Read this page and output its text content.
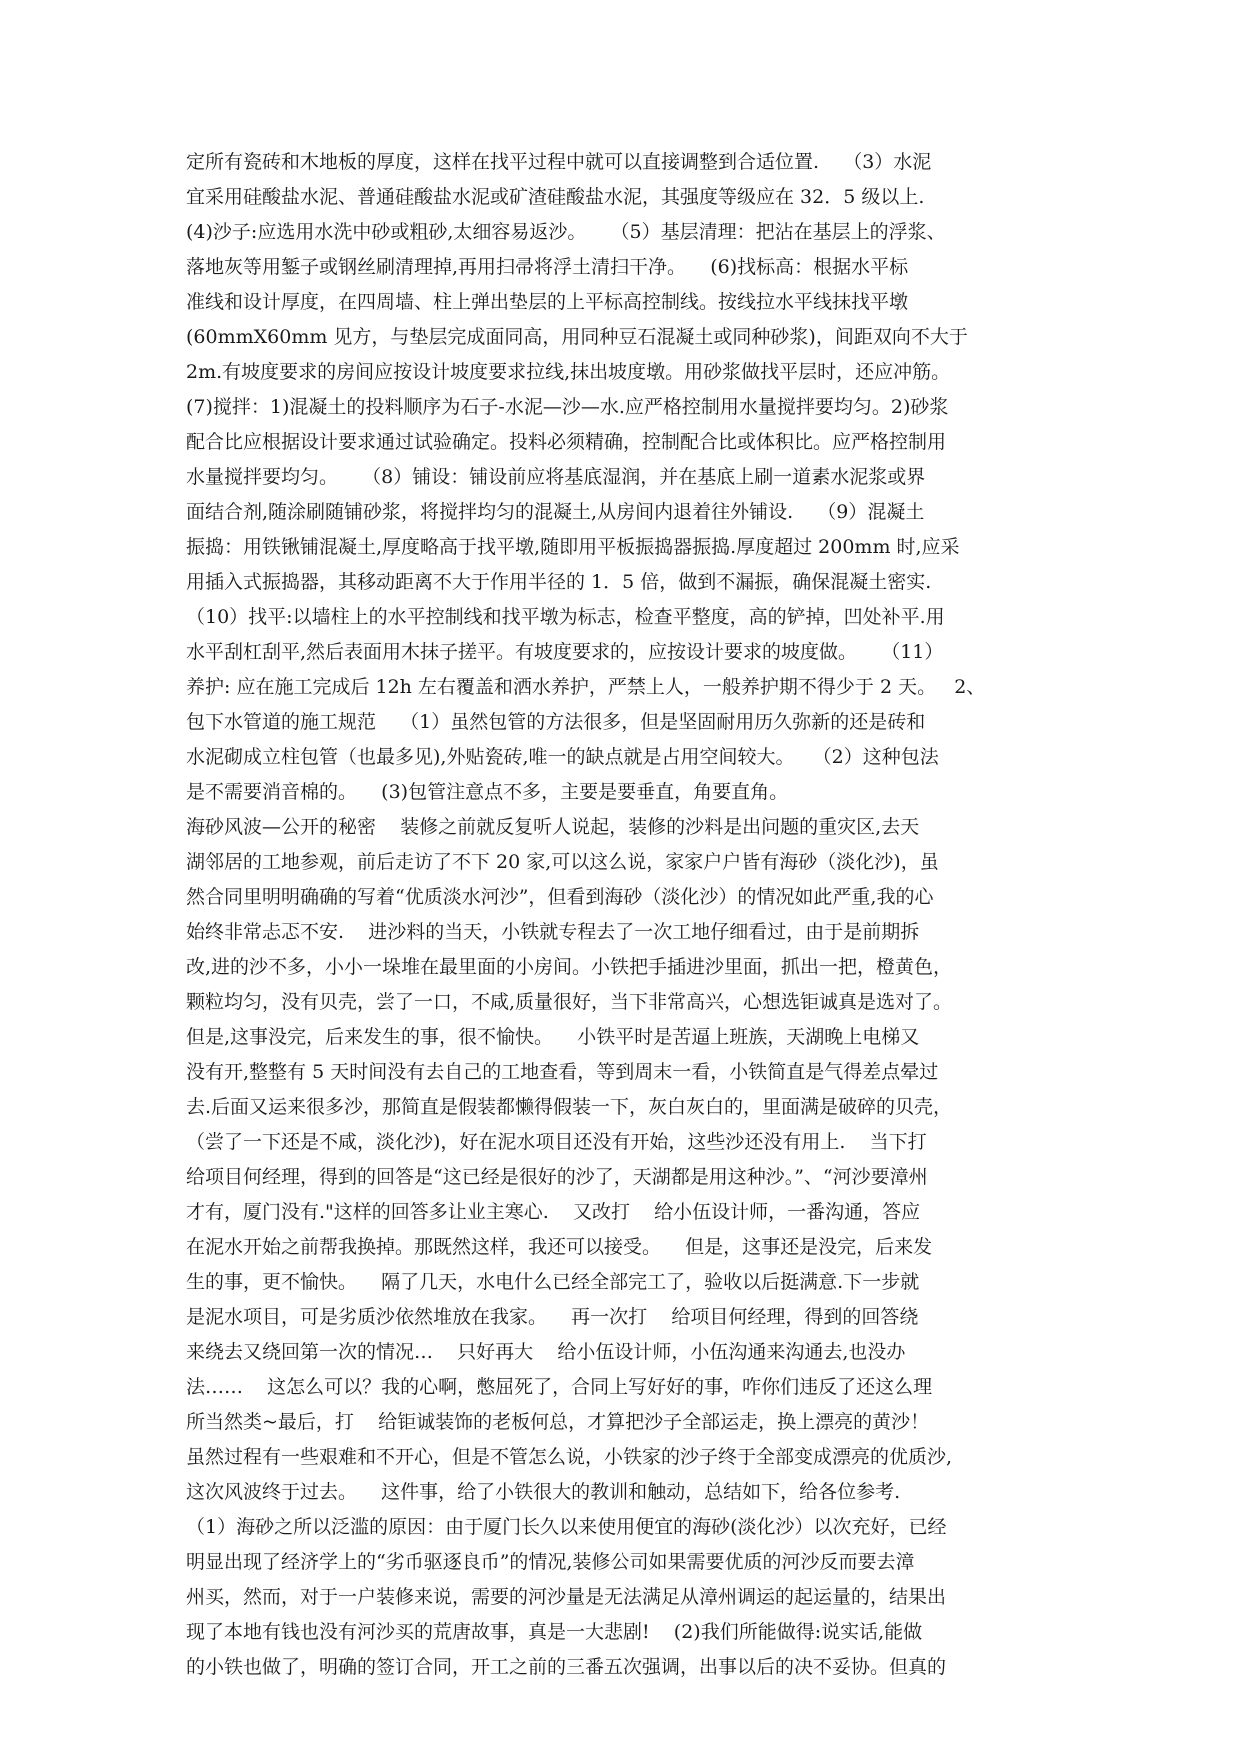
定所有瓷砖和木地板的厚度，这样在找平过程中就可以直接调整到合适位置.    （3）水泥
宜采用硅酸盐水泥、普通硅酸盐水泥或矿渣硅酸盐水泥，其强度等级应在 32．5 级以上.
(4)沙子:应选用水洗中砂或粗砂,太细容易返沙。    （5）基层清理：把沾在基层上的浮浆、
落地灰等用錾子或钢丝刷清理掉,再用扫帚将浮土清扫干净。    (6)找标高：根据水平标
准线和设计厚度，在四周墙、柱上弹出垫层的上平标高控制线。按线拉水平线抹找平墩
(60mmX60mm 见方，与垫层完成面同高，用同种豆石混凝土或同种砂浆)，间距双向不大于
2m.有坡度要求的房间应按设计坡度要求拉线,抹出坡度墩。用砂浆做找平层时，还应冲筋。
(7)搅拌：1)混凝土的投料顺序为石子-水泥—沙—水.应严格控制用水量搅拌要均匀。2)砂浆
配合比应根据设计要求通过试验确定。投料必须精确，控制配合比或体积比。应严格控制用
水量搅拌要均匀。    （8）铺设：铺设前应将基底湿润，并在基底上刷一道素水泥浆或界
面结合剂,随涂刷随铺砂浆，将搅拌均匀的混凝土,从房间内退着往外铺设.    （9）混凝土
振捣：用铁锹铺混凝土,厚度略高于找平墩,随即用平板振捣器振捣.厚度超过 200mm 时,应采
用插入式振捣器，其移动距离不大于作用半径的 1．5 倍，做到不漏振，确保混凝土密实.
（10）找平:以墙柱上的水平控制线和找平墩为标志，检查平整度，高的铲掉，凹处补平.用
水平刮杠刮平,然后表面用木抹子搓平。有坡度要求的，应按设计要求的坡度做。    （11）
养护: 应在施工完成后 12h 左右覆盖和洒水养护，严禁上人，一般养护期不得少于 2 天。   2、
包下水管道的施工规范    （1）虽然包管的方法很多，但是坚固耐用历久弥新的还是砖和
水泥砌成立柱包管（也最多见),外贴瓷砖,唯一的缺点就是占用空间较大。   （2）这种包法
是不需要消音棉的。    (3)包管注意点不多，主要是要垂直，角要直角。
海砂风波—公开的秘密    装修之前就反复听人说起，装修的沙料是出问题的重灾区,去天
湖邻居的工地参观，前后走访了不下 20 家,可以这么说，家家户户皆有海砂（淡化沙)，虽
然合同里明明确确的写着“优质淡水河沙”，但看到海砂（淡化沙）的情况如此严重,我的心
始终非常忐忑不安.    进沙料的当天，小铁就专程去了一次工地仔细看过，由于是前期拆
改,进的沙不多，小小一垛堆在最里面的小房间。小铁把手插进沙里面，抓出一把，橙黄色，
颗粒均匀，没有贝壳，尝了一口，不咸,质量很好，当下非常高兴，心想选钜诚真是选对了。
但是,这事没完，后来发生的事，很不愉快。    小铁平时是苦逼上班族，天湖晚上电梯又
没有开,整整有 5 天时间没有去自己的工地查看，等到周末一看，小铁简直是气得差点晕过
去.后面又运来很多沙，那简直是假装都懒得假装一下，灰白灰白的，里面满是破碎的贝壳，
（尝了一下还是不咸，淡化沙)，好在泥水项目还没有开始，这些沙还没有用上.    当下打
给项目何经理，得到的回答是“这已经是很好的沙了，天湖都是用这种沙。”、“河沙要漳州
才有，厦门没有."这样的回答多让业主寒心.    又改打    给小伍设计师，一番沟通，答应
在泥水开始之前帮我换掉。那既然这样，我还可以接受。    但是，这事还是没完，后来发
生的事，更不愉快。    隔了几天，水电什么已经全部完工了，验收以后挺满意.下一步就
是泥水项目，可是劣质沙依然堆放在我家。    再一次打    给项目何经理，得到的回答绕
来绕去又绕回第一次的情况…    只好再大    给小伍设计师，小伍沟通来沟通去,也没办
法……    这怎么可以？我的心啊，憋屈死了，合同上写好好的事，咋你们违反了还这么理
所当然类~最后，打    给钜诚装饰的老板何总，才算把沙子全部运走，换上漂亮的黄沙！
虽然过程有一些艰难和不开心，但是不管怎么说，小铁家的沙子终于全部变成漂亮的优质沙,
这次风波终于过去。    这件事，给了小铁很大的教训和触动，总结如下，给各位参考.
（1）海砂之所以泛滥的原因：由于厦门长久以来使用便宜的海砂(淡化沙）以次充好，已经
明显出现了经济学上的“劣币驱逐良币”的情况,装修公司如果需要优质的河沙反而要去漳
州买，然而，对于一户装修来说，需要的河沙量是无法满足从漳州调运的起运量的，结果出
现了本地有钱也没有河沙买的荒唐故事，真是一大悲剧!    (2)我们所能做得:说实话,能做
的小铁也做了，明确的签订合同，开工之前的三番五次强调，出事以后的决不妥协。但真的
